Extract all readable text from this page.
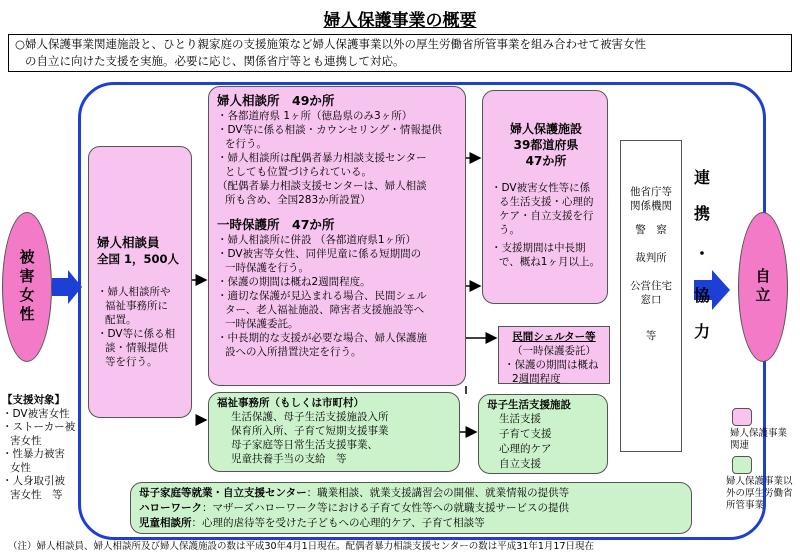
婦人保護事業の概要
○婦人保護事業関連施設と、ひとり親家庭の支援施策など婦人保護事業以外の厚生労働省所管事業を組み合わせて被害女性
の自立に向けた支援を実施。必要に応じ、関係省庁等とも連携して対応。
被害女性
【支援対象】
・DV被害女性
・ストーカー被
害女性
・性暴力被害
女性
・人身取引被
害女性　等
婦人相談員
全国 1，500人
・婦人相談所や
福祉事務所に
配置。
・DV等に係る相
談・情報提供
等を行う。
婦人相談所　49か所
・各都道府県 1ヶ所（徳島県のみ3ヶ所）
・DV等に係る相談・カウンセリング・情報提供
を行う。
・婦人相談所は配偶者暴力相談支援センター
としても位置づけられている。
（配偶者暴力相談支援センターは、婦人相談
所も含め、全国283か所設置）
一時保護所　47か所
・婦人相談所に併設 （各都道府県1ヶ所）
・DV被害等女性、同伴児童に係る短期間の
一時保護を行う。
・保護の期間は概ね2週間程度。
・適切な保護が見込まれる場合、民間シェル
ター、老人福祉施設、障害者支援施設等へ
一時保護委託。
・中長期的な支援が必要な場合、婦人保護施
設への入所措置決定を行う。
婦人保護施設
39都道府県
47か所
・DV被害女性等に係
る生活支援・心理的
ケア・自立支援を行
う。
・支援期間は中長期
で、概ね1ヶ月以上。
民間シェルター等
（一時保護委託）
・保護の期間は概ね
2週間程度
福祉事務所（もしくは市町村）
生活保護、母子生活支援施設入所
保育所入所、子育て短期支援事業
母子家庭等日常生活支援事業、
児童扶養手当の支給　等
母子生活支援施設
生活支援
子育て支援
心理的ケア
自立支援
母子家庭等就業・自立支援センター：職業相談、就業支援講習会の開催、就業情報の提供等
ハローワーク：マザーズハローワーク等における子育て女性等への就職支援サービスの提供
児童相談所：心理的虐待等を受けた子どもへの心理的ケア、子育て相談等
他省庁等
関係機関
警　察
裁判所
公営住宅
窓口
等
連
携
・
協
力
自立
婦人保護事業
関連
婦人保護事業以
外の厚生労働省
所管事業
（注）婦人相談員、婦人相談所及び婦人保護施設の数は平成30年4月1日現在。配偶者暴力相談支援センターの数は平成31年1月17日現在
